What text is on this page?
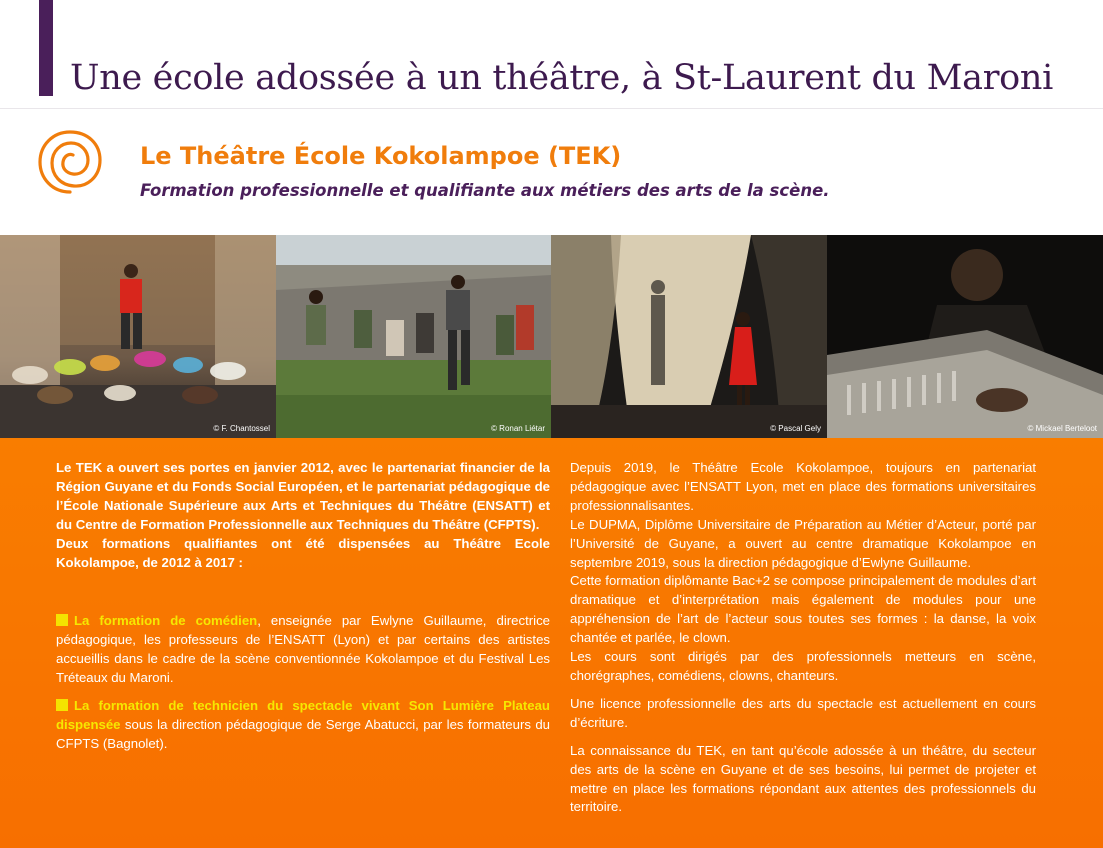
Une école adossée à un théâtre, à St-Laurent du Maroni
Le Théâtre École Kokolampoe (TEK)

Formation professionnelle et qualifiante aux métiers des arts de la scène.

© F. Chantossel	© Ronan Liétar	© Pascal Gely	© Mickael Berteloot

Le TEK a ouvert ses portes en janvier 2012, avec le partenariat financier de la Région Guyane et du Fonds Social Européen, et le partenariat pédagogique de l’École Nationale Supérieure aux Arts et Techniques du Théâtre (ENSATT) et du Centre de Formation Professionnelle aux Techniques du Théâtre (CFPTS).

Deux formations qualifiantes ont été dispensées au Théâtre Ecole Kokolampoe, de 2012 à 2017 :

La formation de comédien, enseignée par Ewlyne Guillaume, directrice pédagogique, les professeurs de l’ENSATT (Lyon) et par certains des artistes accueillis dans le cadre de la scène conventionnée Kokolampoe et du Festival Les Tréteaux du Maroni.

La formation de technicien du spectacle vivant Son Lumière Plateau dispensée sous la direction pédagogique de Serge Abatucci, par les formateurs du CFPTS (Bagnolet).

Depuis 2019, le Théâtre Ecole Kokolampoe, toujours en partenariat pédagogique avec l’ENSATT Lyon, met en place des formations universitaires professionnalisantes.

Le DUPMA, Diplôme Universitaire de Préparation au Métier d’Acteur, porté par l’Université de Guyane, a ouvert au centre dramatique Kokolampoe en septembre 2019, sous la direction pédagogique d’Ewlyne Guillaume.

Cette formation diplômante Bac+2 se compose principalement de modules d’art dramatique et d’interprétation mais également de modules pour une appréhension de l’art de l’acteur sous toutes ses formes : la danse, la voix chantée et parlée, le clown.

Les cours sont dirigés par des professionnels metteurs en scène, chorégraphes, comédiens, clowns, chanteurs.

Une licence professionnelle des arts du spectacle est actuellement en cours d’écriture.

La connaissance du TEK, en tant qu’école adossée à un théâtre, du secteur des arts de la scène en Guyane et de ses besoins, lui permet de projeter et mettre en place les formations répondant aux attentes des professionnels du territoire.
